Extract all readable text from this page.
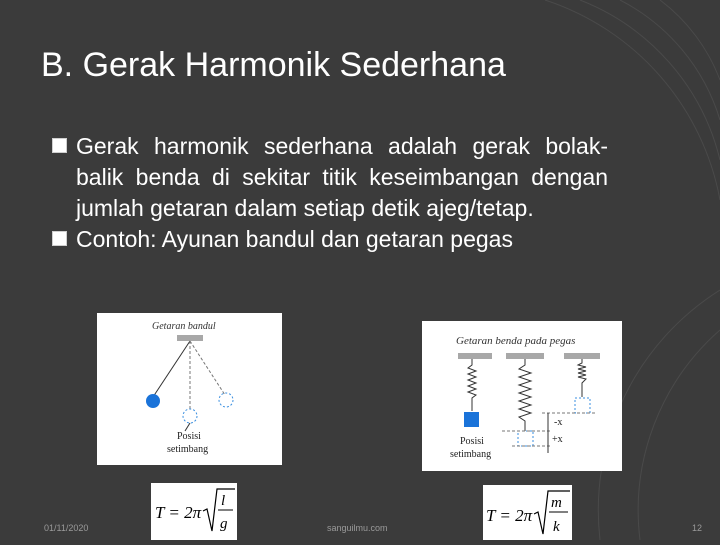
B. Gerak Harmonik Sederhana
Gerak harmonik sederhana adalah gerak bolak-balik benda di sekitar titik keseimbangan dengan jumlah getaran dalam setiap detik ajeg/tetap.
Contoh: Ayunan bandul dan getaran pegas
Getaran bandul
Posisi
setimbang
Getaran benda pada pegas
-x
+x
Posisi
setimbang
T = 2π
l
g	T = 2π
m
k
01/11/2020	sanguilmu.com	12
